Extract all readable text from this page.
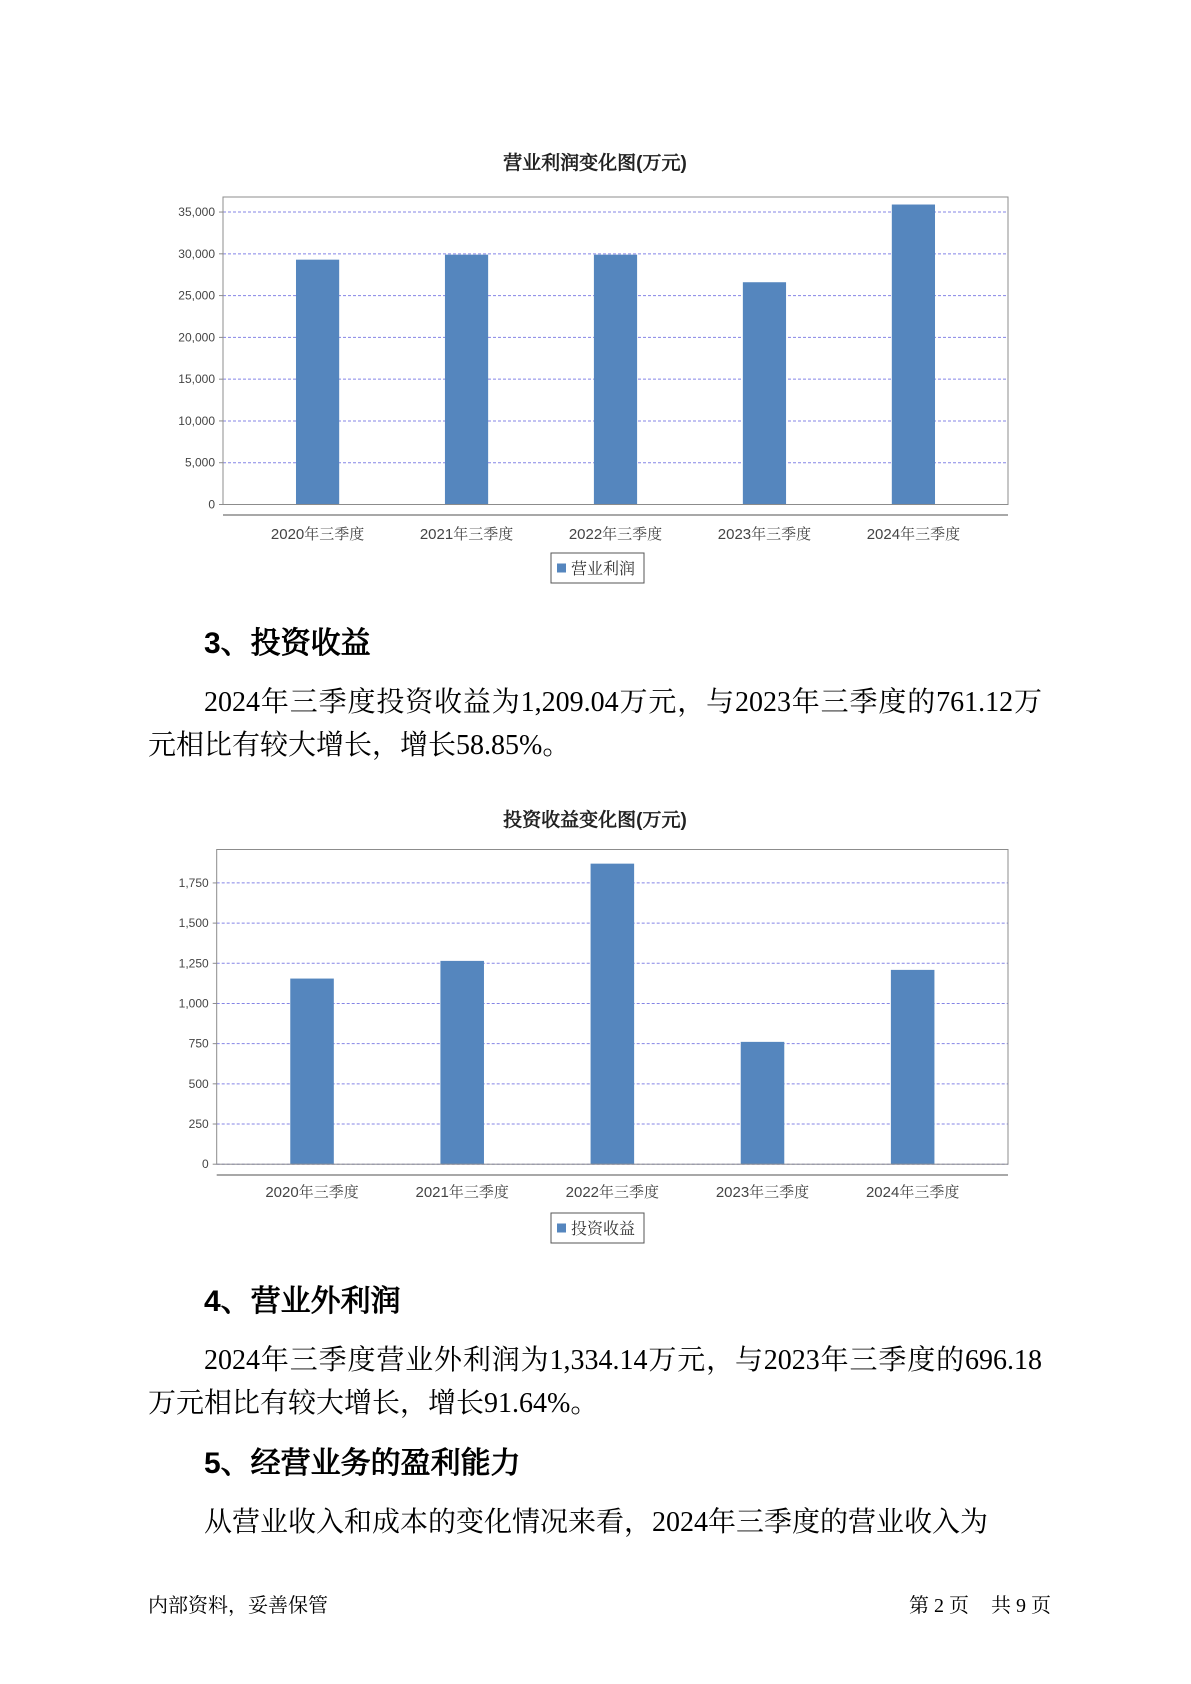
营业利润变化图(万元)
0
5,000
10,000
15,000
20,000
25,000
30,000
35,000
2020年三季度	2021年三季度	2022年三季度	2023年三季度	2024年三季度
营业利润
3、投资收益
2024年三季度投资收益为1,209.04万元，与2023年三季度的761.12万
元相比有较大增长，增长58.85%。
投资收益变化图(万元)
0
250
500
750
1,000
1,250
1,500
1,750
2020年三季度	2021年三季度	2022年三季度	2023年三季度	2024年三季度
投资收益
4、营业外利润
2024年三季度营业外利润为1,334.14万元，与2023年三季度的696.18
万元相比有较大增长，增长91.64%。
5、经营业务的盈利能力
从营业收入和成本的变化情况来看，2024年三季度的营业收入为
内部资料，妥善保管	第 2 页 共 9 页
